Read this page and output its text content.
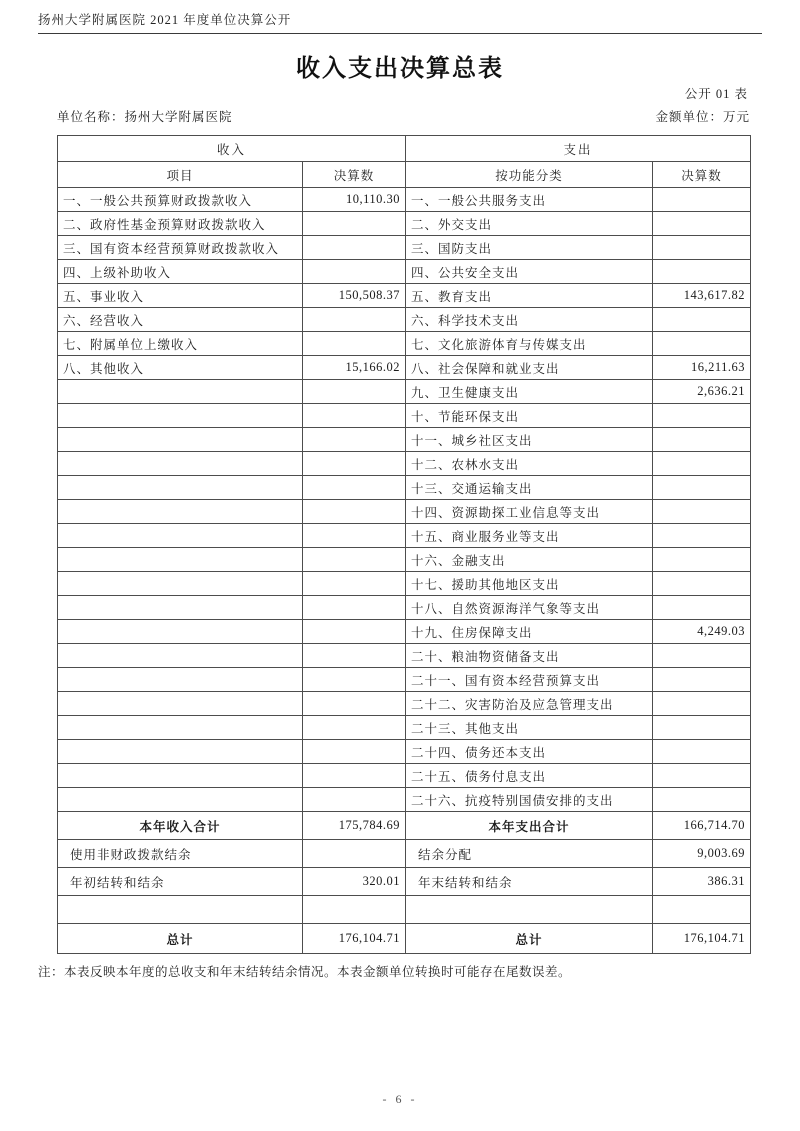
扬州大学附属医院 2021 年度单位决算公开
收入支出决算总表
公开 01 表
单位名称：扬州大学附属医院	金额单位：万元
收入		支出	
项目	决算数	按功能分类	决算数
一、一般公共预算财政拨款收入	10,110.30	一、一般公共服务支出	
二、政府性基金预算财政拨款收入		二、外交支出	
三、国有资本经营预算财政拨款收入		三、国防支出	
四、上级补助收入		四、公共安全支出	
五、事业收入	150,508.37	五、教育支出	143,617.82
六、经营收入		六、科学技术支出	
七、附属单位上缴收入		七、文化旅游体育与传媒支出	
八、其他收入	15,166.02	八、社会保障和就业支出	16,211.63
		九、卫生健康支出	2,636.21
		十、节能环保支出	
		十一、城乡社区支出	
		十二、农林水支出	
		十三、交通运输支出	
		十四、资源勘探工业信息等支出	
		十五、商业服务业等支出	
		十六、金融支出	
		十七、援助其他地区支出	
		十八、自然资源海洋气象等支出	
		十九、住房保障支出	4,249.03
		二十、粮油物资储备支出	
		二十一、国有资本经营预算支出	
		二十二、灾害防治及应急管理支出	
		二十三、其他支出	
		二十四、债务还本支出	
		二十五、债务付息支出	
		二十六、抗疫特别国债安排的支出	
本年收入合计	175,784.69	本年支出合计	166,714.70
使用非财政拨款结余		结余分配	9,003.69
年初结转和结余	320.01	年末结转和结余	386.31

总计	176,104.71	总计	176,104.71
注：本表反映本年度的总收支和年末结转结余情况。本表金额单位转换时可能存在尾数误差。
- 6 -
